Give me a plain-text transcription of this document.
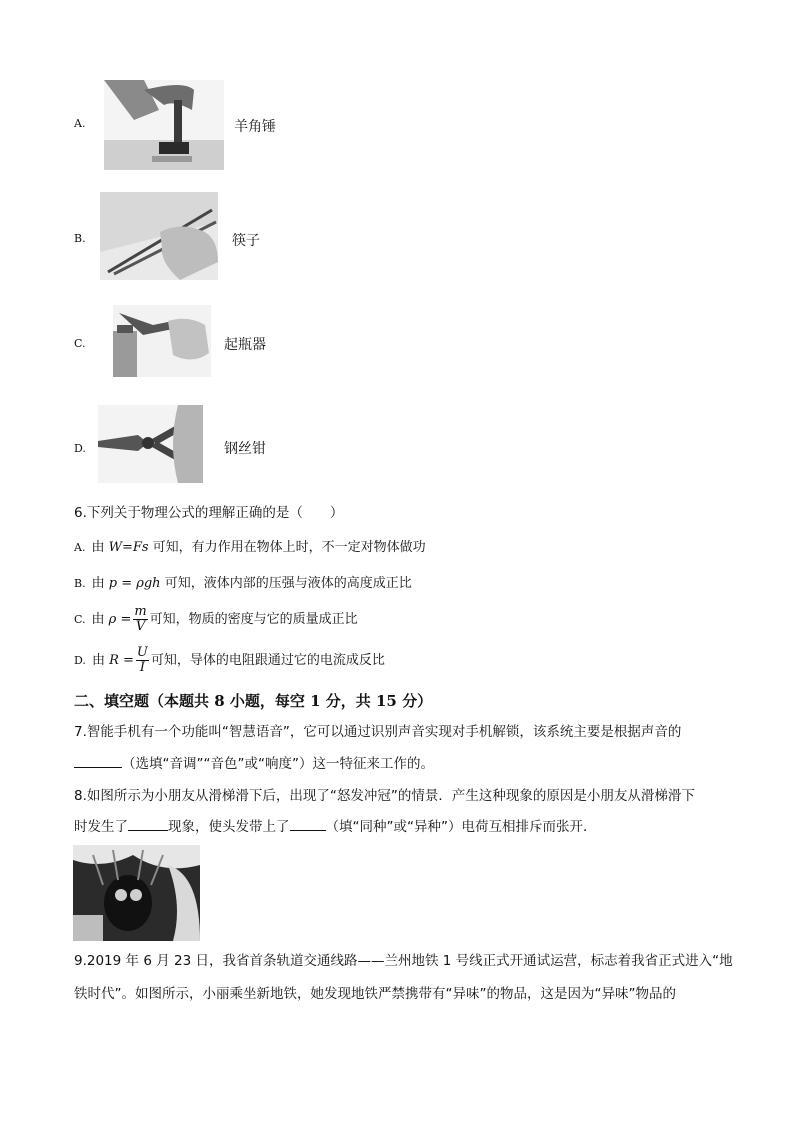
A.	羊角锤
B.	筷子
C.	起瓶器
D.	钢丝钳
6.下列关于物理公式的理解正确的是（　　）
A. 由 W=Fs 可知，有力作用在物体上时，不一定对物体做功
B. 由 p = ρgh 可知，液体内部的压强与液体的高度成正比
C. 由 $\rho = \frac{m}{V}$ 可知，物质的密度与它的质量成正比
D. 由 $R = \frac{U}{I}$ 可知，导体的电阻跟通过它的电流成反比
二、填空题（本题共 8 小题，每空 1 分，共 15 分）
7.智能手机有一个功能叫“智慧语音”，它可以通过识别声音实现对手机解锁，该系统主要是根据声音的
（选填“音调”“音色”或“响度”）这一特征来工作的。
8.如图所示为小朋友从滑梯滑下后，出现了“怒发冲冠”的情景．产生这种现象的原因是小朋友从滑梯滑下
时发生了	现象，使头发带上了	（填“同种”或“异种”）电荷互相排斥而张开．
9.2019 年 6 月 23 日，我省首条轨道交通线路——兰州地铁 1 号线正式开通试运营，标志着我省正式进入“地
铁时代”。如图所示，小丽乘坐新地铁，她发现地铁严禁携带有“异味”的物品，这是因为“异味”物品的
